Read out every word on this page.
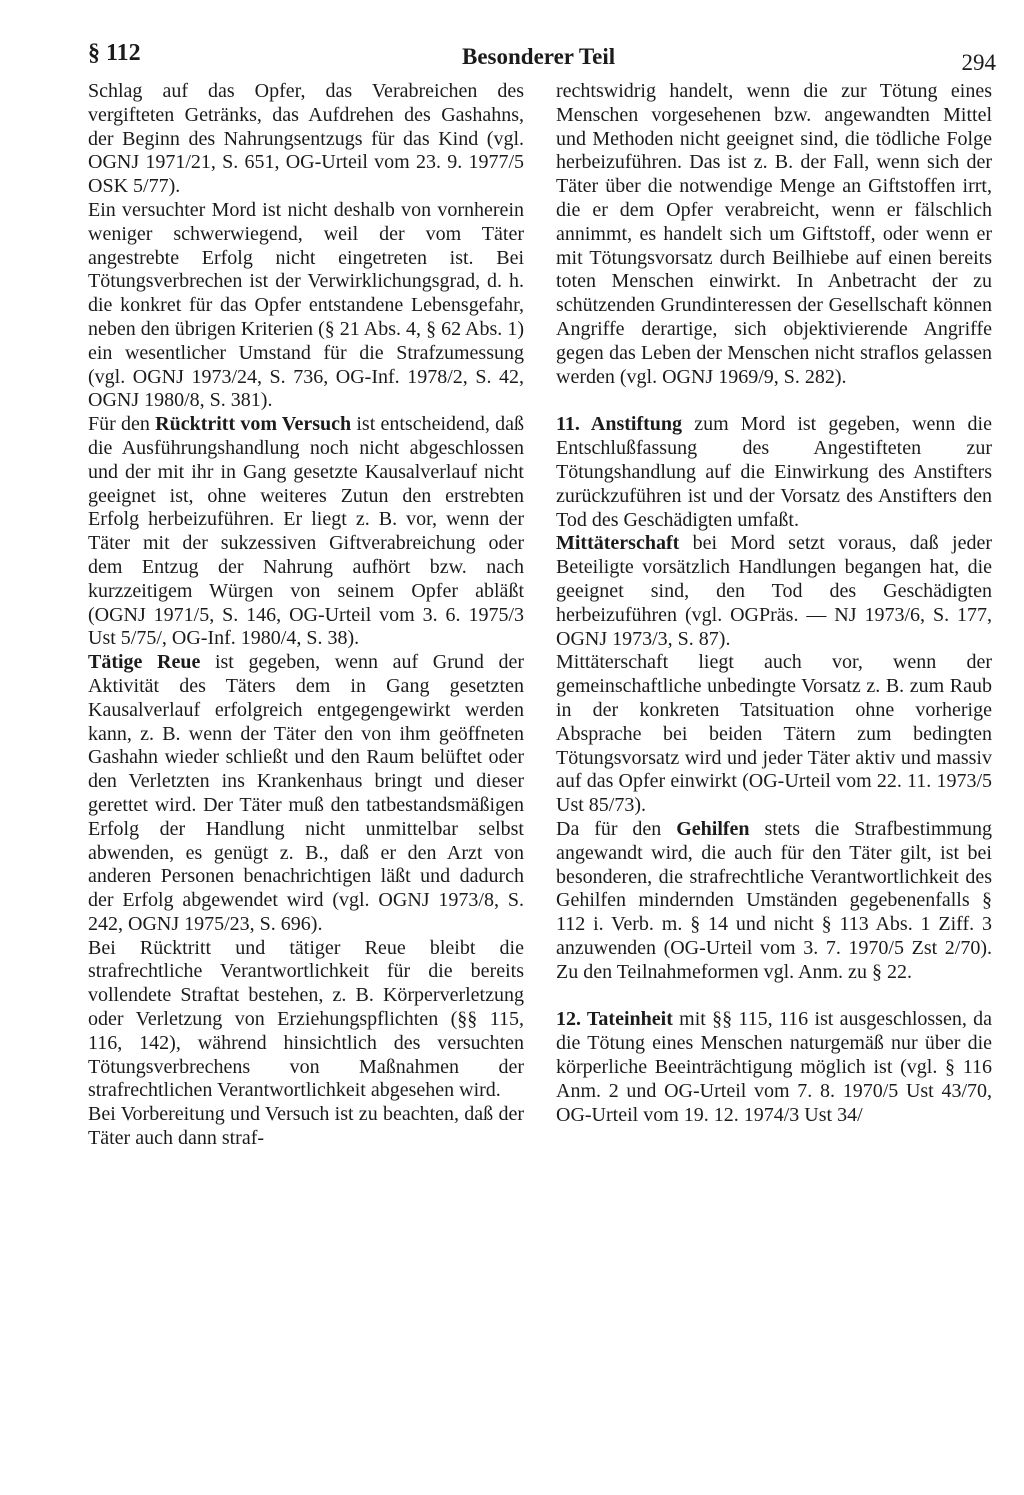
§ 112	Besonderer Teil	294

Schlag auf das Opfer, das Verabreichen des vergifteten Getränks, das Aufdrehen des Gashahns, der Beginn des Nahrungsentzugs für das Kind (vgl. OGNJ 1971/21, S. 651, OG-Urteil vom 23. 9. 1977/5 OSK 5/77).

Ein versuchter Mord ist nicht deshalb von vornherein weniger schwerwiegend, weil der vom Täter angestrebte Erfolg nicht eingetreten ist. Bei Tötungsverbrechen ist der Verwirklichungsgrad, d. h. die konkret für das Opfer entstandene Lebensgefahr, neben den übrigen Kriterien (§ 21 Abs. 4, § 62 Abs. 1) ein wesentlicher Umstand für die Strafzumessung (vgl. OGNJ 1973/24, S. 736, OG-Inf. 1978/2, S. 42, OGNJ 1980/8, S. 381).

Für den Rücktritt vom Versuch ist entscheidend, daß die Ausführungshandlung noch nicht abgeschlossen und der mit ihr in Gang gesetzte Kausalverlauf nicht geeignet ist, ohne weiteres Zutun den erstrebten Erfolg herbeizuführen. Er liegt z. B. vor, wenn der Täter mit der sukzessiven Giftverabreichung oder dem Entzug der Nahrung aufhört bzw. nach kurzzeitigem Würgen von seinem Opfer abläßt (OGNJ 1971/5, S. 146, OG-Urteil vom 3. 6. 1975/3 Ust 5/75/, OG-Inf. 1980/4, S. 38).

Tätige Reue ist gegeben, wenn auf Grund der Aktivität des Täters dem in Gang gesetzten Kausalverlauf erfolgreich entgegengewirkt werden kann, z. B. wenn der Täter den von ihm geöffneten Gashahn wieder schließt und den Raum belüftet oder den Verletzten ins Krankenhaus bringt und dieser gerettet wird. Der Täter muß den tatbestandsmäßigen Erfolg der Handlung nicht unmittelbar selbst abwenden, es genügt z. B., daß er den Arzt von anderen Personen benachrichtigen läßt und dadurch der Erfolg abgewendet wird (vgl. OGNJ 1973/8, S. 242, OGNJ 1975/23, S. 696).

Bei Rücktritt und tätiger Reue bleibt die strafrechtliche Verantwortlichkeit für die bereits vollendete Straftat bestehen, z. B. Körperverletzung oder Verletzung von Erziehungspflichten (§§ 115, 116, 142), während hinsichtlich des versuchten Tötungsverbrechens von Maßnahmen der strafrechtlichen Verantwortlichkeit abgesehen wird.

Bei Vorbereitung und Versuch ist zu beachten, daß der Täter auch dann straf-

rechtswidrig handelt, wenn die zur Tötung eines Menschen vorgesehenen bzw. angewandten Mittel und Methoden nicht geeignet sind, die tödliche Folge herbeizuführen. Das ist z. B. der Fall, wenn sich der Täter über die notwendige Menge an Giftstoffen irrt, die er dem Opfer verabreicht, wenn er fälschlich annimmt, es handelt sich um Giftstoff, oder wenn er mit Tötungsvorsatz durch Beilhiebe auf einen bereits toten Menschen einwirkt. In Anbetracht der zu schützenden Grundinteressen der Gesellschaft können Angriffe derartige, sich objektivierende Angriffe gegen das Leben der Menschen nicht straflos gelassen werden (vgl. OGNJ 1969/9, S. 282).

11. Anstiftung zum Mord ist gegeben, wenn die Entschlußfassung des Angestifteten zur Tötungshandlung auf die Einwirkung des Anstifters zurückzuführen ist und der Vorsatz des Anstifters den Tod des Geschädigten umfaßt.

Mittäterschaft bei Mord setzt voraus, daß jeder Beteiligte vorsätzlich Handlungen begangen hat, die geeignet sind, den Tod des Geschädigten herbeizuführen (vgl. OGPräs. — NJ 1973/6, S. 177, OGNJ 1973/3, S. 87).

Mittäterschaft liegt auch vor, wenn der gemeinschaftliche unbedingte Vorsatz z. B. zum Raub in der konkreten Tatsituation ohne vorherige Absprache bei beiden Tätern zum bedingten Tötungsvorsatz wird und jeder Täter aktiv und massiv auf das Opfer einwirkt (OG-Urteil vom 22. 11. 1973/5 Ust 85/73).

Da für den Gehilfen stets die Strafbestimmung angewandt wird, die auch für den Täter gilt, ist bei besonderen, die strafrechtliche Verantwortlichkeit des Gehilfen mindernden Umständen gegebenenfalls § 112 i. Verb. m. § 14 und nicht § 113 Abs. 1 Ziff. 3 anzuwenden (OG-Urteil vom 3. 7. 1970/5 Zst 2/70). Zu den Teilnahmeformen vgl. Anm. zu § 22.

12. Tateinheit mit §§ 115, 116 ist ausgeschlossen, da die Tötung eines Menschen naturgemäß nur über die körperliche Beeinträchtigung möglich ist (vgl. § 116 Anm. 2 und OG-Urteil vom 7. 8. 1970/5 Ust 43/70, OG-Urteil vom 19. 12. 1974/3 Ust 34/
